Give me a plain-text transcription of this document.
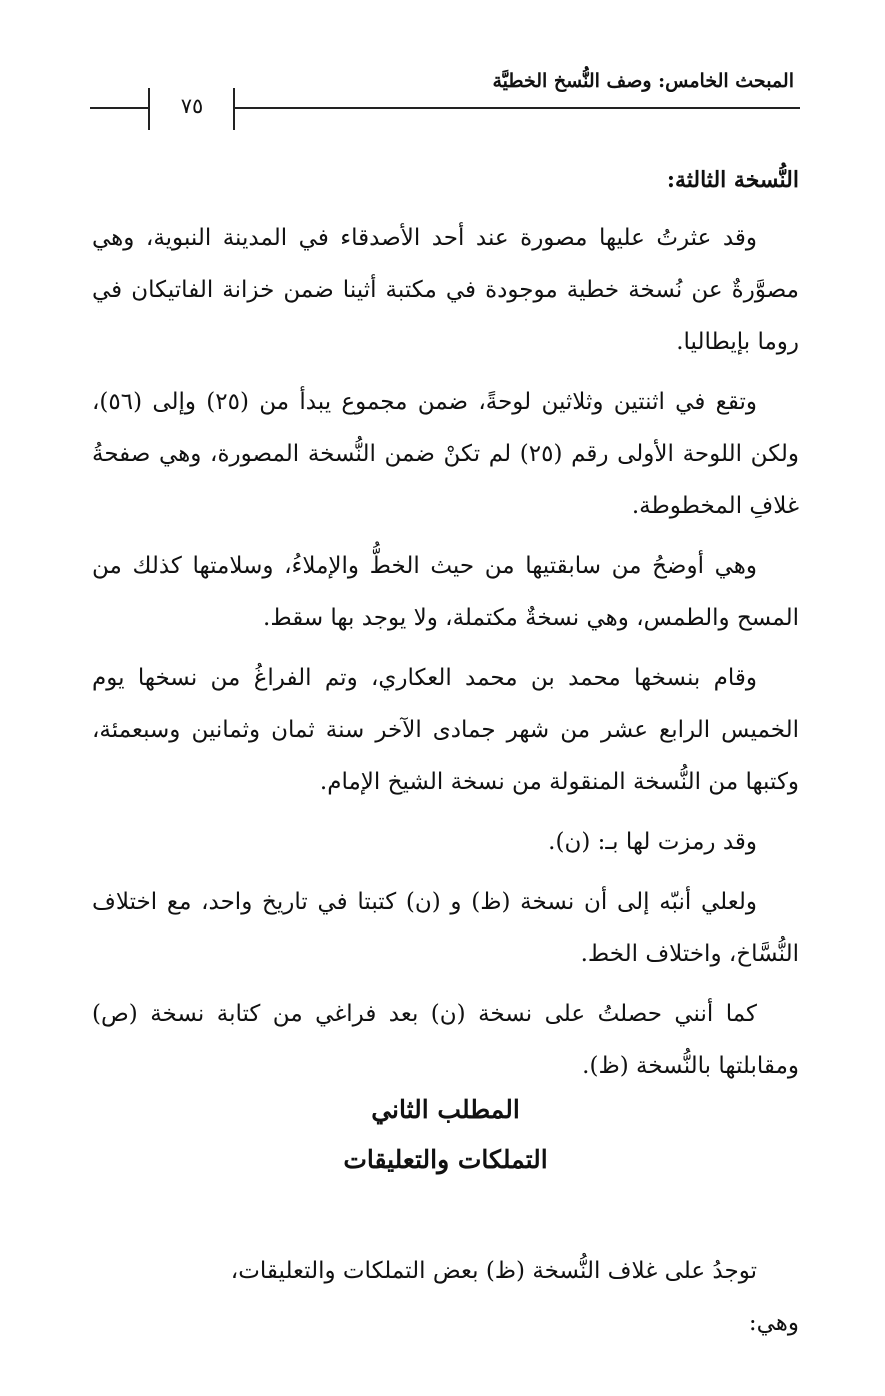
المبحث الخامس: وصف النُّسخ الخطيَّة
٧٥
النُّسخة الثالثة:

وقد عثرتُ عليها مصورة عند أحد الأصدقاء في المدينة النبوية، وهي مصوَّرةٌ عن نُسخة خطية موجودة في مكتبة أثينا ضمن خزانة الفاتيكان في روما بإيطاليا.

وتقع في اثنتين وثلاثين لوحةً، ضمن مجموع يبدأ من (٢٥) وإلى (٥٦)، ولكن اللوحة الأولى رقم (٢٥) لم تكنْ ضمن النُّسخة المصورة، وهي صفحةُ غلافِ المخطوطة.

وهي أوضحُ من سابقتيها من حيث الخطُّ والإملاءُ، وسلامتها كذلك من المسح والطمس، وهي نسخةٌ مكتملة، ولا يوجد بها سقط.

وقام بنسخها محمد بن محمد العكاري، وتم الفراغُ من نسخها يوم الخميس الرابع عشر من شهر جمادى الآخر سنة ثمان وثمانين وسبعمئة، وكتبها من النُّسخة المنقولة من نسخة الشيخ الإمام.

وقد رمزت لها بـ: (ن).

ولعلي أنبّه إلى أن نسخة (ظ) و (ن) كتبتا في تاريخ واحد، مع اختلاف النُّسَّاخ، واختلاف الخط.

كما أنني حصلتُ على نسخة (ن) بعد فراغي من كتابة نسخة (ص) ومقابلتها بالنُّسخة (ظ).

المطلب الثاني
التملكات والتعليقات

توجدُ على غلاف النُّسخة (ظ) بعض التملكات والتعليقات،

وهي:
